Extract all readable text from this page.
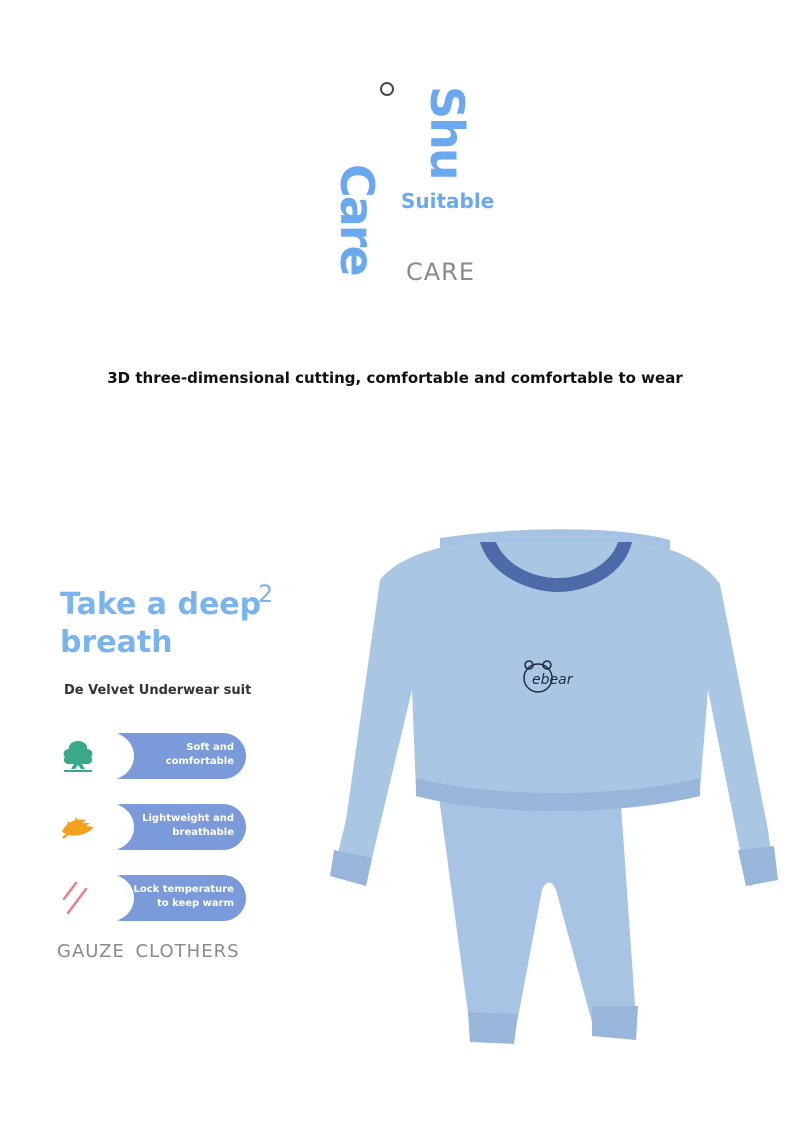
Shu
Care Suitable
CARE
3D three-dimensional cutting, comfortable and comfortable to wear
Take a deep breath
2
De Velvet Underwear suit
Soft and
comfortable
Lightweight and
breathable
Lock temperature
to keep warm
GAUZE CLOTHERS
ebear
